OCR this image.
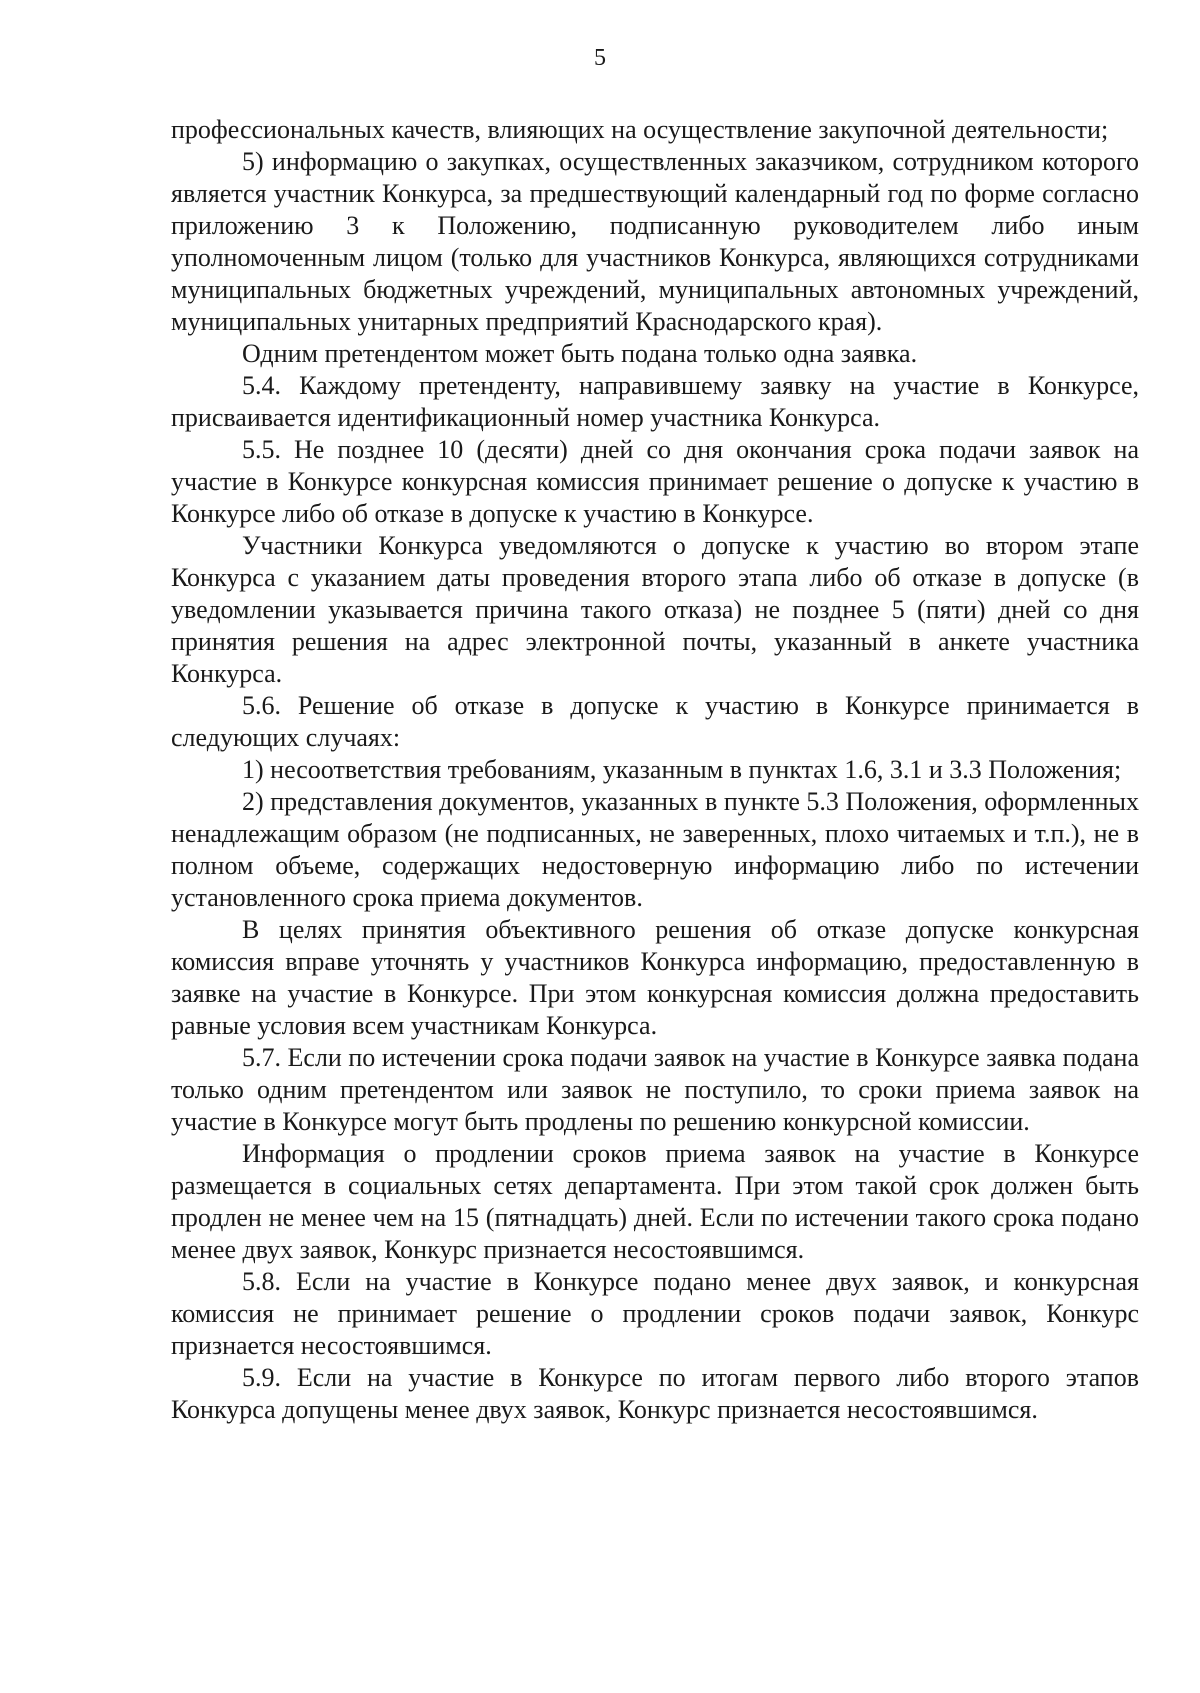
5

профессиональных качеств, влияющих на осуществление закупочной деятельности;

5) информацию о закупках, осуществленных заказчиком, сотрудником которого является участник Конкурса, за предшествующий календарный год по форме согласно приложению 3 к Положению, подписанную руководителем либо иным уполномоченным лицом (только для участников Конкурса, являющихся сотрудниками муниципальных бюджетных учреждений, муниципальных автономных учреждений, муниципальных унитарных предприятий Краснодарского края).

Одним претендентом может быть подана только одна заявка.

5.4. Каждому претенденту, направившему заявку на участие в Конкурсе, присваивается идентификационный номер участника Конкурса.

5.5. Не позднее 10 (десяти) дней со дня окончания срока подачи заявок на участие в Конкурсе конкурсная комиссия принимает решение о допуске к участию в Конкурсе либо об отказе в допуске к участию в Конкурсе.

Участники Конкурса уведомляются о допуске к участию во втором этапе Конкурса с указанием даты проведения второго этапа либо об отказе в допуске (в уведомлении указывается причина такого отказа) не позднее 5 (пяти) дней со дня принятия решения на адрес электронной почты, указанный в анкете участника Конкурса.

5.6. Решение об отказе в допуске к участию в Конкурсе принимается в следующих случаях:

1) несоответствия требованиям, указанным в пунктах 1.6, 3.1 и 3.3 Положения;

2) представления документов, указанных в пункте 5.3 Положения, оформленных ненадлежащим образом (не подписанных, не заверенных, плохо читаемых и т.п.), не в полном объеме, содержащих недостоверную информацию либо по истечении установленного срока приема документов.

В целях принятия объективного решения об отказе допуске конкурсная комиссия вправе уточнять у участников Конкурса информацию, предоставленную в заявке на участие в Конкурсе. При этом конкурсная комиссия должна предоставить равные условия всем участникам Конкурса.

5.7. Если по истечении срока подачи заявок на участие в Конкурсе заявка подана только одним претендентом или заявок не поступило, то сроки приема заявок на участие в Конкурсе могут быть продлены по решению конкурсной комиссии.

Информация о продлении сроков приема заявок на участие в Конкурсе размещается в социальных сетях департамента. При этом такой срок должен быть продлен не менее чем на 15 (пятнадцать) дней. Если по истечении такого срока подано менее двух заявок, Конкурс признается несостоявшимся.

5.8. Если на участие в Конкурсе подано менее двух заявок, и конкурсная комиссия не принимает решение о продлении сроков подачи заявок, Конкурс признается несостоявшимся.

5.9. Если на участие в Конкурсе по итогам первого либо второго этапов Конкурса допущены менее двух заявок, Конкурс признается несостоявшимся.
